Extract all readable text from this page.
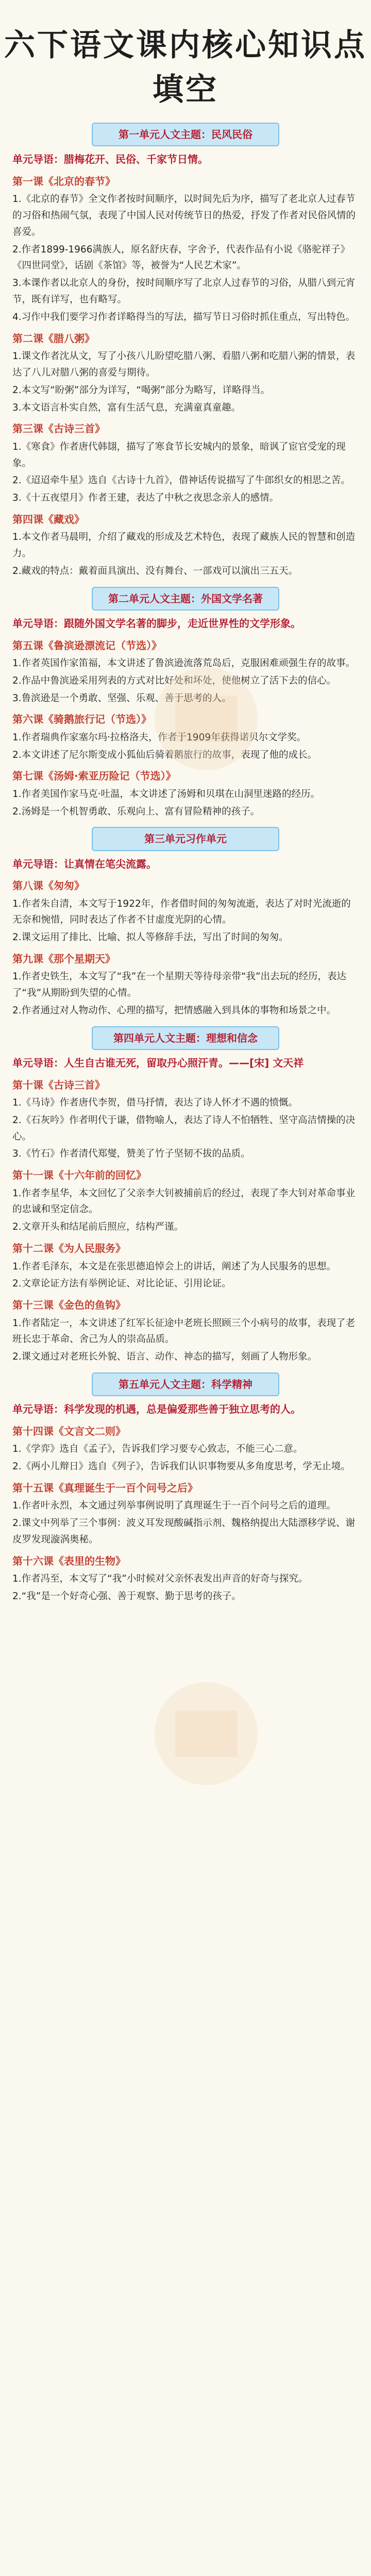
六下语文课内核心知识点填空
第一单元人文主题：民风民俗
单元导语：腊梅花开、民俗、千家节日情。
第一课《北京的春节》

1.《北京的春节》全文作者按时间顺序，以时间先后为序，描写了老北京人过春节的习俗和热闹气氛，表现了中国人民对传统节日的热爱，抒发了作者对民俗风情的喜爱。

2.作者1899-1966满族人，原名舒庆春，字舍予，代表作品有小说《骆驼祥子》《四世同堂》，话剧《茶馆》等，被誉为“人民艺术家”。

3.本课作者以北京人的身份，按时间顺序写了北京人过春节的习俗，从腊八到元宵节，既有详写，也有略写。

4.习作中我们要学习作者详略得当的写法，描写节日习俗时抓住重点，写出特色。

第二课《腊八粥》

1.课文作者沈从文，写了小孩八儿盼望吃腊八粥、看腊八粥和吃腊八粥的情景，表达了八儿对腊八粥的喜爱与期待。

2.本文写“盼粥”部分为详写，“喝粥”部分为略写，详略得当。

3.本文语言朴实自然，富有生活气息，充满童真童趣。

第三课《古诗三首》

1.《寒食》作者唐代韩翃，描写了寒食节长安城内的景象，暗讽了宦官受宠的现象。

2.《迢迢牵牛星》选自《古诗十九首》，借神话传说描写了牛郎织女的相思之苦。

3.《十五夜望月》作者王建，表达了中秋之夜思念亲人的感情。

第四课《藏戏》

1.本文作者马晨明，介绍了藏戏的形成及艺术特色，表现了藏族人民的智慧和创造力。

2.藏戏的特点：戴着面具演出、没有舞台、一部戏可以演出三五天。

第二单元人文主题：外国文学名著
单元导语：跟随外国文学名著的脚步，走近世界性的文学形象。
第五课《鲁滨逊漂流记（节选）》

1.作者英国作家笛福，本文讲述了鲁滨逊流落荒岛后，克服困难顽强生存的故事。

2.作品中鲁滨逊采用列表的方式对比好处和坏处，使他树立了活下去的信心。

3.鲁滨逊是一个勇敢、坚强、乐观、善于思考的人。

第六课《骑鹅旅行记（节选）》

1.作者瑞典作家塞尔玛·拉格洛夫，作者于1909年获得诺贝尔文学奖。

2.本文讲述了尼尔斯变成小狐仙后骑着鹅旅行的故事，表现了他的成长。

第七课《汤姆·索亚历险记（节选）》

1.作者美国作家马克·吐温，本文讲述了汤姆和贝琪在山洞里迷路的经历。

2.汤姆是一个机智勇敢、乐观向上、富有冒险精神的孩子。

第三单元习作单元
单元导语：让真情在笔尖流露。
第八课《匆匆》

1.作者朱自清，本文写于1922年，作者借时间的匆匆流逝，表达了对时光流逝的无奈和惋惜，同时表达了作者不甘虚度光阴的心情。

2.课文运用了排比、比喻、拟人等修辞手法，写出了时间的匆匆。

第九课《那个星期天》

1.作者史铁生，本文写了“我”在一个星期天等待母亲带“我”出去玩的经历，表达了“我”从期盼到失望的心情。

2.作者通过对人物动作、心理的描写，把情感融入到具体的事物和场景之中。

第四单元人文主题：理想和信念
单元导语：人生自古谁无死，留取丹心照汗青。——[宋] 文天祥
第十课《古诗三首》

1.《马诗》作者唐代李贺，借马抒情，表达了诗人怀才不遇的愤慨。

2.《石灰吟》作者明代于谦，借物喻人，表达了诗人不怕牺牲、坚守高洁情操的决心。

3.《竹石》作者清代郑燮，赞美了竹子坚韧不拔的品质。

第十一课《十六年前的回忆》

1.作者李星华，本文回忆了父亲李大钊被捕前后的经过，表现了李大钊对革命事业的忠诚和坚定信念。

2.文章开头和结尾前后照应，结构严谨。

第十二课《为人民服务》

1.作者毛泽东，本文是在张思德追悼会上的讲话，阐述了为人民服务的思想。

2.文章论证方法有举例论证、对比论证、引用论证。

第十三课《金色的鱼钩》

1.作者陆定一，本文讲述了红军长征途中老班长照顾三个小病号的故事，表现了老班长忠于革命、舍己为人的崇高品质。

2.课文通过对老班长外貌、语言、动作、神态的描写，刻画了人物形象。

第五单元人文主题：科学精神
单元导语：科学发现的机遇，总是偏爱那些善于独立思考的人。
第十四课《文言文二则》

1.《学弈》选自《孟子》，告诉我们学习要专心致志，不能三心二意。

2.《两小儿辩日》选自《列子》，告诉我们认识事物要从多角度思考，学无止境。

第十五课《真理诞生于一百个问号之后》

1.作者叶永烈，本文通过列举事例说明了真理诞生于一百个问号之后的道理。

2.课文中列举了三个事例：波义耳发现酸碱指示剂、魏格纳提出大陆漂移学说、谢皮罗发现漩涡奥秘。

第十六课《表里的生物》

1.作者冯至，本文写了“我”小时候对父亲怀表发出声音的好奇与探究。

2.“我”是一个好奇心强、善于观察、勤于思考的孩子。
